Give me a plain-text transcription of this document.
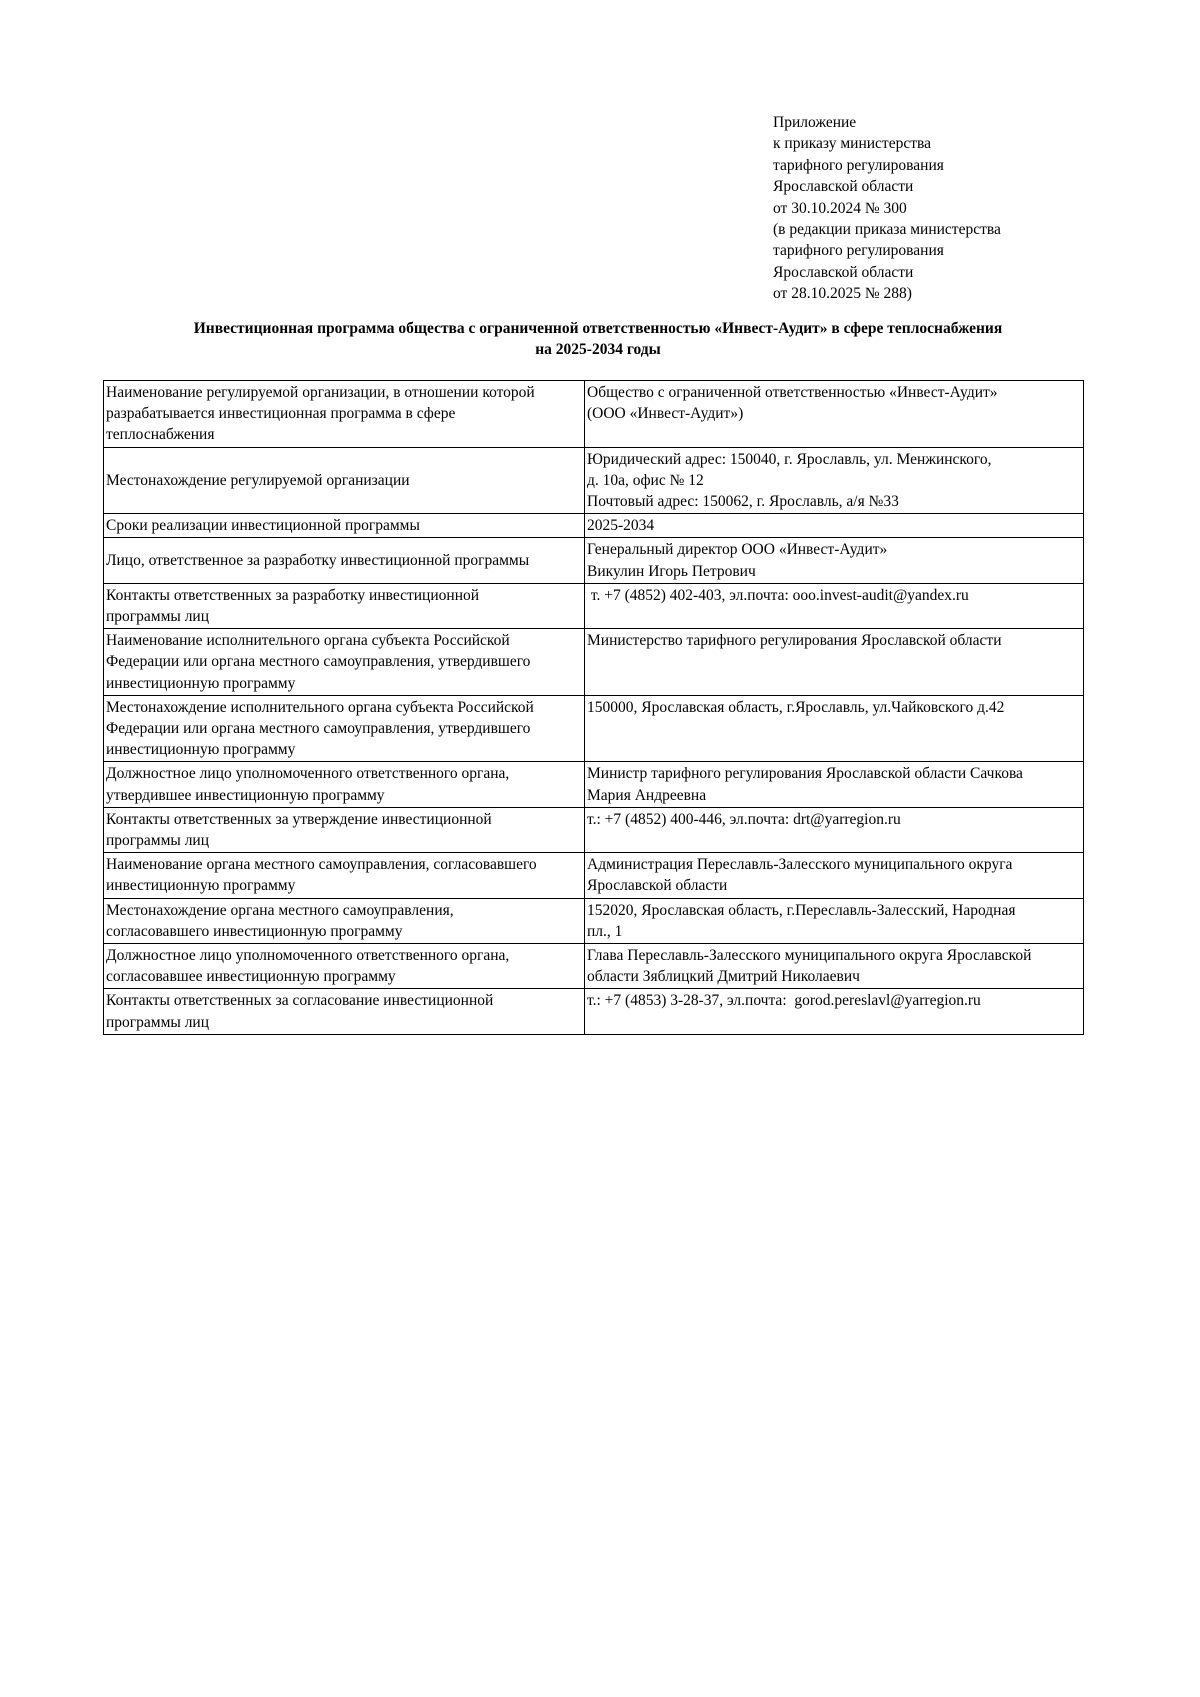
Приложение
к приказу министерства
тарифного регулирования
Ярославской области
от 30.10.2024 № 300
(в редакции приказа министерства
тарифного регулирования
Ярославской области
от 28.10.2025 № 288)
Инвестиционная программа общества с ограниченной ответственностью «Инвест-Аудит» в сфере теплоснабжения
на 2025-2034 годы
Наименование регулируемой организации, в отношении которой
разрабатывается инвестиционная программа в сфере
теплоснабжения	Общество с ограниченной ответственностью «Инвест-Аудит»
(ООО «Инвест-Аудит»)

Местонахождение регулируемой организации	Юридический адрес: 150040, г. Ярославль, ул. Менжинского,
д. 10а, офис № 12
Почтовый адрес: 150062, г. Ярославль, а/я №33

Сроки реализации инвестиционной программы	2025-2034

Лицо, ответственное за разработку инвестиционной программы	Генеральный директор ООО «Инвест-Аудит»
Викулин Игорь Петрович

Контакты ответственных за разработку инвестиционной
программы лиц	т. +7 (4852) 402-403, эл.почта: ooo.invest-audit@yandex.ru

Наименование исполнительного органа субъекта Российской
Федерации или органа местного самоуправления, утвердившего
инвестиционную программу	Министерство тарифного регулирования Ярославской области

Местонахождение исполнительного органа субъекта Российской
Федерации или органа местного самоуправления, утвердившего
инвестиционную программу	150000, Ярославская область, г.Ярославль, ул.Чайковского д.42

Должностное лицо уполномоченного ответственного органа,
утвердившее инвестиционную программу	Министр тарифного регулирования Ярославской области Сачкова
Мария Андреевна

Контакты ответственных за утверждение инвестиционной
программы лиц	т.: +7 (4852) 400-446, эл.почта: drt@yarregion.ru

Наименование органа местного самоуправления, согласовавшего
инвестиционную программу	Администрация Переславль-Залесского муниципального округа
Ярославской области

Местонахождение органа местного самоуправления,
согласовавшего инвестиционную программу	152020, Ярославская область, г.Переславль-Залесский, Народная
пл., 1

Должностное лицо уполномоченного ответственного органа,
согласовавшее инвестиционную программу	Глава Переславль-Залесского муниципального округа Ярославской
области Зяблицкий Дмитрий Николаевич

Контакты ответственных за согласование инвестиционной
программы лиц	т.: +7 (4853) 3-28-37, эл.почта:  gorod.pereslavl@yarregion.ru
